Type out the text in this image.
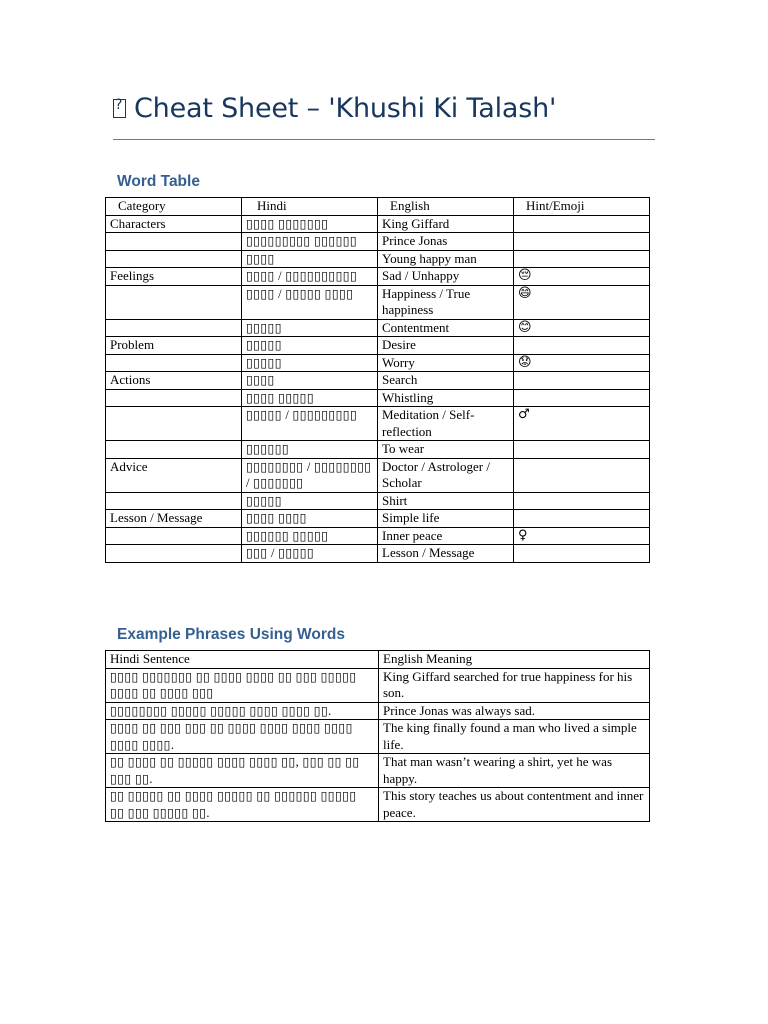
?Cheat Sheet – 'Khushi Ki Talash'
Word Table
Category	Hindi	English	Hint/Emoji
Characters	▯▯▯▯ ▯▯▯▯▯▯▯	King Giffard	
	▯▯▯▯▯▯▯▯▯ ▯▯▯▯▯▯	Prince Jonas	
	▯▯▯▯	Young happy man	
Feelings	▯▯▯▯ / ▯▯▯▯▯▯▯▯▯▯	Sad / Unhappy	😔
	▯▯▯▯ / ▯▯▯▯▯ ▯▯▯▯	Happiness / True happiness	😄
	▯▯▯▯▯	Contentment	😊
Problem	▯▯▯▯▯	Desire	
	▯▯▯▯▯	Worry	😟
Actions	▯▯▯▯	Search	
	▯▯▯▯ ▯▯▯▯▯	Whistling	
	▯▯▯▯▯ / ▯▯▯▯▯▯▯▯▯	Meditation / Self-reflection	♂
	▯▯▯▯▯▯	To wear	
Advice	▯▯▯▯▯▯▯▯ / ▯▯▯▯▯▯▯▯ / ▯▯▯▯▯▯▯	Doctor / Astrologer / Scholar	
	▯▯▯▯▯	Shirt	
Lesson / Message	▯▯▯▯ ▯▯▯▯	Simple life	
	▯▯▯▯▯▯ ▯▯▯▯▯	Inner peace	♀
	▯▯▯ / ▯▯▯▯▯	Lesson / Message	
Example Phrases Using Words
Hindi Sentence	English Meaning
▯▯▯▯ ▯▯▯▯▯▯▯ ▯▯ ▯▯▯▯ ▯▯▯▯ ▯▯ ▯▯▯ ▯▯▯▯▯ ▯▯▯▯ ▯▯ ▯▯▯▯ ▯▯▯	King Giffard searched for true happiness for his son.
▯▯▯▯▯▯▯▯ ▯▯▯▯▯ ▯▯▯▯▯ ▯▯▯▯ ▯▯▯▯ ▯▯.	Prince Jonas was always sad.
▯▯▯▯ ▯▯ ▯▯▯ ▯▯▯ ▯▯ ▯▯▯▯ ▯▯▯▯ ▯▯▯▯ ▯▯▯▯ ▯▯▯▯ ▯▯▯▯.	The king finally found a man who lived a simple life.
▯▯ ▯▯▯▯ ▯▯ ▯▯▯▯▯ ▯▯▯▯ ▯▯▯▯ ▯▯, ▯▯▯ ▯▯ ▯▯ ▯▯▯ ▯▯.	That man wasn’t wearing a shirt, yet he was happy.
▯▯ ▯▯▯▯▯ ▯▯ ▯▯▯▯ ▯▯▯▯▯ ▯▯ ▯▯▯▯▯▯ ▯▯▯▯▯ ▯▯ ▯▯▯ ▯▯▯▯▯ ▯▯.	This story teaches us about contentment and inner peace.
